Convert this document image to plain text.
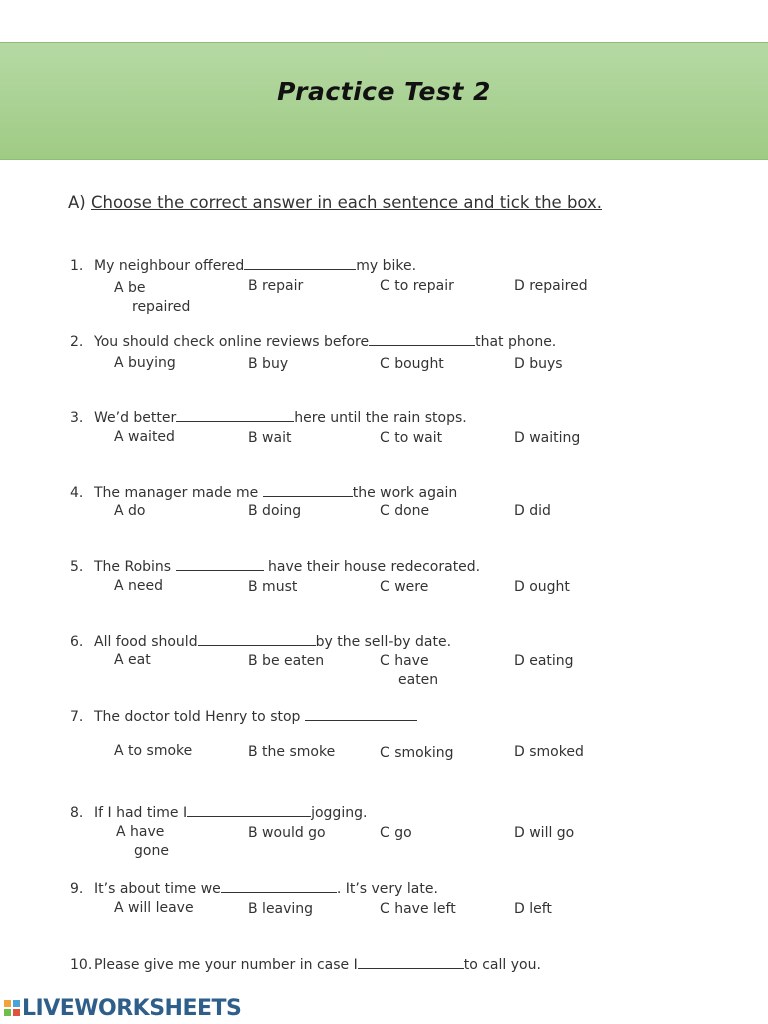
Practice Test 2
A) Choose the correct answer in each sentence and tick the box.
1. My neighbour offered	my bike.
A be
repaired
B repair	C to repair	D repaired
2. You should check online reviews before	that phone.
A buying	B buy	C bought	D buys
3. We’d better	here until the rain stops.
A waited	B wait	C to wait	D waiting
4. The manager made me	the work again
A do	B doing	C done	D did
5. The Robins	have their house redecorated.
A need	B must	C were	D ought
6. All food should	by the sell-by date.
A eat	B be eaten	C have
eaten
D eating
7. The doctor told Henry to stop
A to smoke	B the smoke	C smoking	D smoked
8. If I had time I	jogging.
A have
gone
B would go	C go	D will go
9. It’s about time we	. It’s very late.
A will leave	B leaving	C have left	D left
10. Please give me your number in case I	to call you.
LIVEWORKSHEETS
